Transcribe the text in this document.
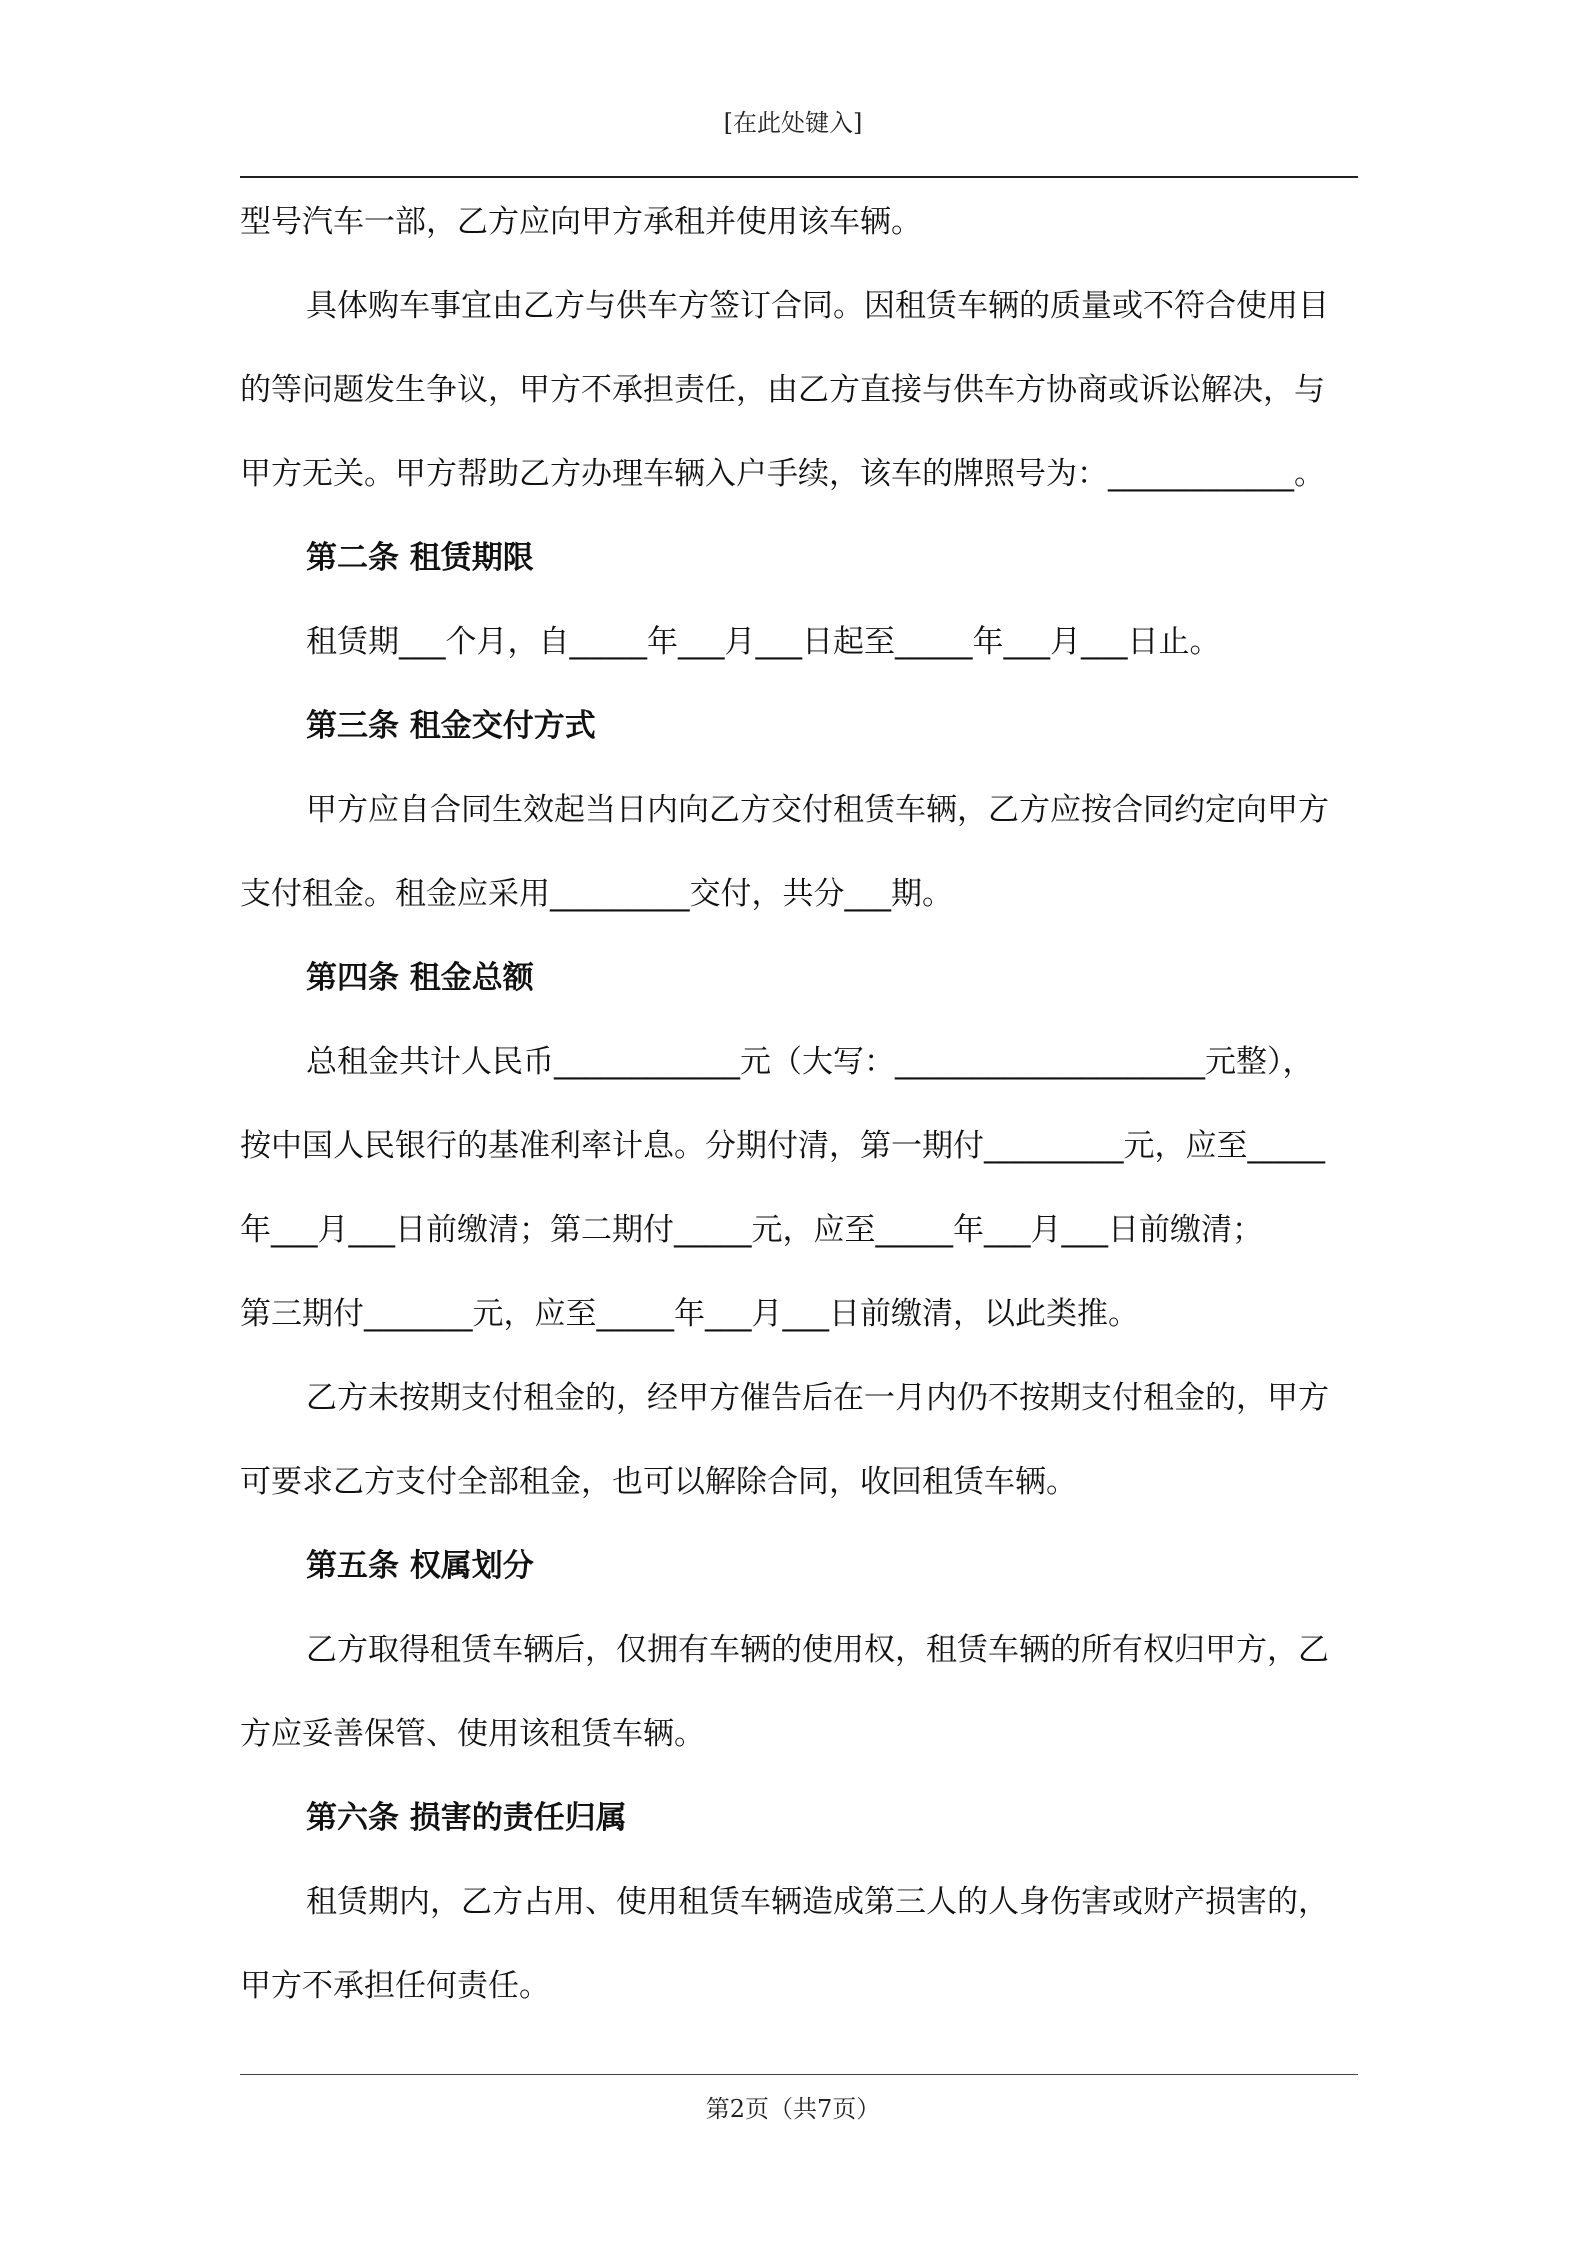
[在此处键入]
型号汽车一部，乙方应向甲方承租并使用该车辆。
具体购车事宜由乙方与供车方签订合同。因租赁车辆的质量或不符合使用目
的等问题发生争议，甲方不承担责任，由乙方直接与供车方协商或诉讼解决，与
甲方无关。甲方帮助乙方办理车辆入户手续，该车的牌照号为：____________。
第二条 租赁期限
租赁期___个月，自_____年___月___日起至_____年___月___日止。
第三条 租金交付方式
甲方应自合同生效起当日内向乙方交付租赁车辆，乙方应按合同约定向甲方
支付租金。租金应采用_________交付，共分___期。
第四条 租金总额
总租金共计人民币____________元（大写：____________________元整），
按中国人民银行的基准利率计息。分期付清，第一期付_________元，应至_____
年___月___日前缴清；第二期付_____元，应至_____年___月___日前缴清；
第三期付_______元，应至_____年___月___日前缴清，以此类推。
乙方未按期支付租金的，经甲方催告后在一月内仍不按期支付租金的，甲方
可要求乙方支付全部租金，也可以解除合同，收回租赁车辆。
第五条 权属划分
乙方取得租赁车辆后，仅拥有车辆的使用权，租赁车辆的所有权归甲方，乙
方应妥善保管、使用该租赁车辆。
第六条 损害的责任归属
租赁期内，乙方占用、使用租赁车辆造成第三人的人身伤害或财产损害的，
甲方不承担任何责任。
第2页（共7页）
